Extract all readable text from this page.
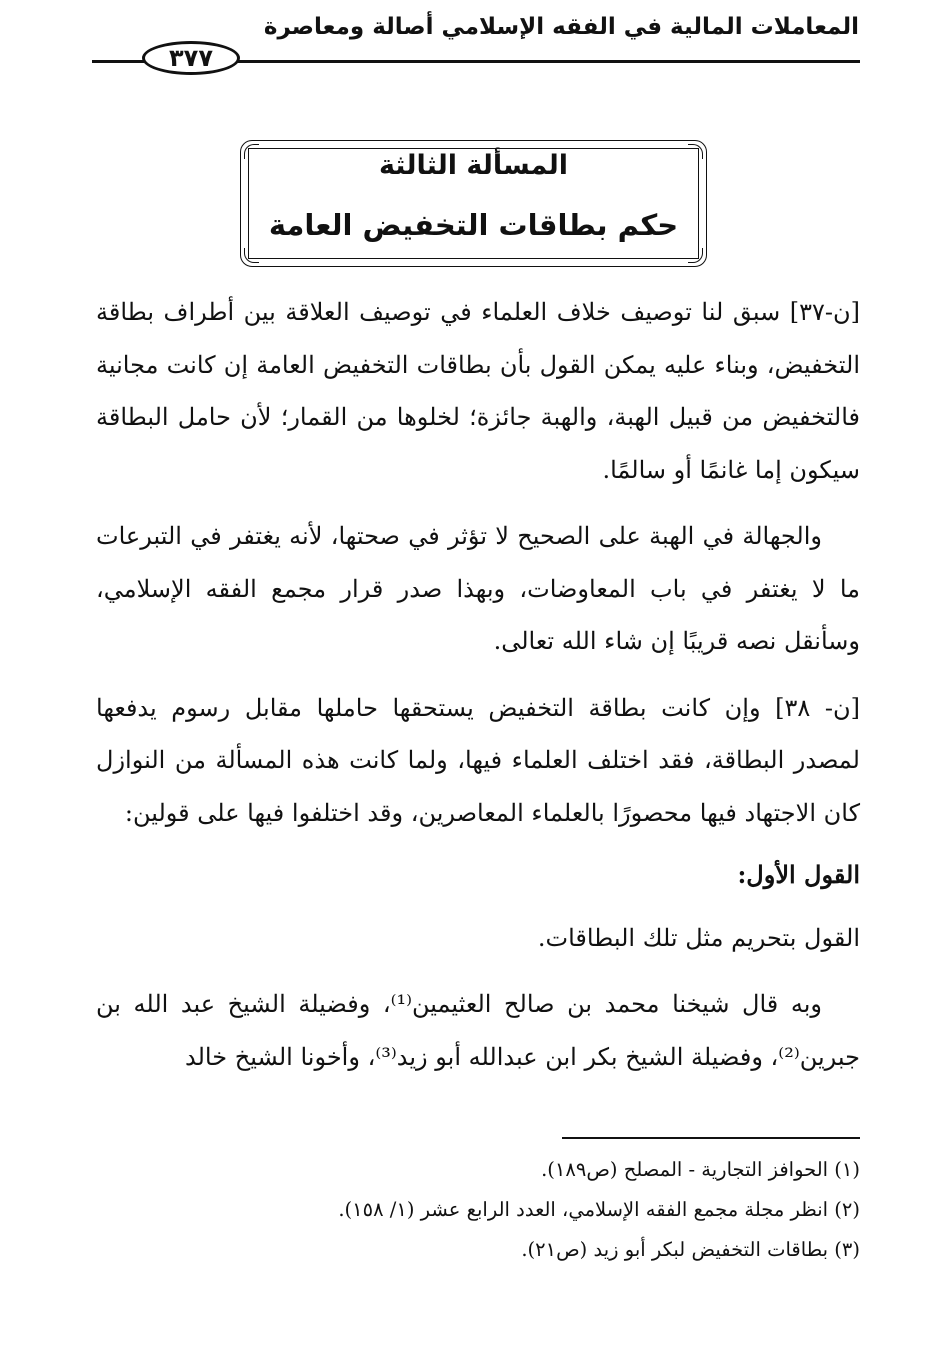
المعاملات المالية في الفقه الإسلامي أصالة ومعاصرة
٣٧٧
المسألة الثالثة
حكم بطاقات التخفيض العامة

[ن-٣٧] سبق لنا توصيف خلاف العلماء في توصيف العلاقة بين أطراف بطاقة التخفيض، وبناء عليه يمكن القول بأن بطاقات التخفيض العامة إن كانت مجانية فالتخفيض من قبيل الهبة، والهبة جائزة؛ لخلوها من القمار؛ لأن حامل البطاقة سيكون إما غانمًا أو سالمًا.

والجهالة في الهبة على الصحيح لا تؤثر في صحتها، لأنه يغتفر في التبرعات ما لا يغتفر في باب المعاوضات، وبهذا صدر قرار مجمع الفقه الإسلامي، وسأنقل نصه قريبًا إن شاء الله تعالى.

[ن- ٣٨] وإن كانت بطاقة التخفيض يستحقها حاملها مقابل رسوم يدفعها لمصدر البطاقة، فقد اختلف العلماء فيها، ولما كانت هذه المسألة من النوازل كان الاجتهاد فيها محصورًا بالعلماء المعاصرين، وقد اختلفوا فيها على قولين:

القول الأول:

القول بتحريم مثل تلك البطاقات.

وبه قال شيخنا محمد بن صالح العثيمين⁽¹⁾، وفضيلة الشيخ عبد الله بن جبرين⁽²⁾، وفضيلة الشيخ بكر ابن عبدالله أبو زيد⁽³⁾، وأخونا الشيخ خالد

(١) الحوافز التجارية - المصلح (ص١٨٩).
(٢) انظر مجلة مجمع الفقه الإسلامي، العدد الرابع عشر (١/ ١٥٨).
(٣) بطاقات التخفيض لبكر أبو زيد (ص٢١).
